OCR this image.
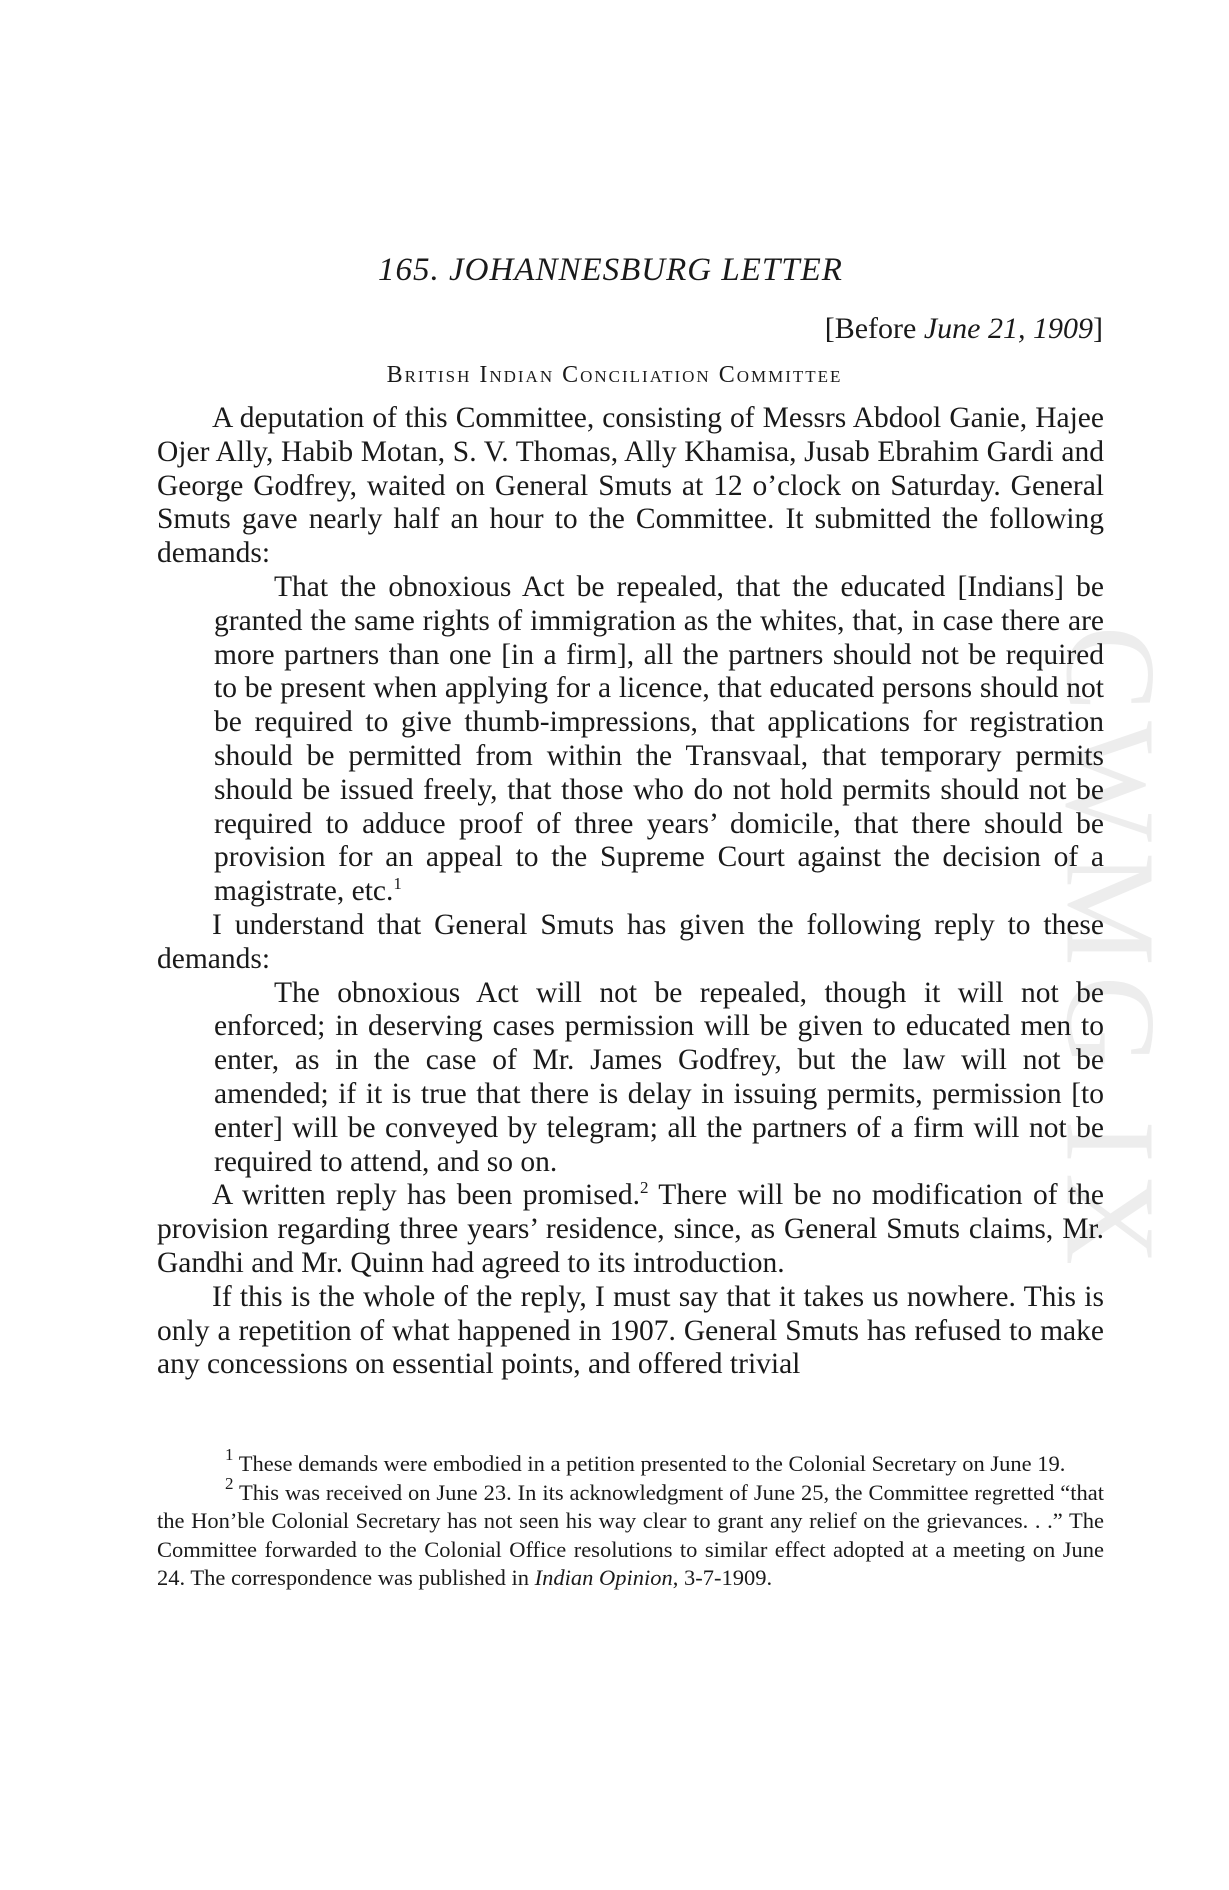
CWMG IX
165. JOHANNESBURG LETTER
[Before June 21, 1909]
British Indian Conciliation Committee

A deputation of this Committee, consisting of Messrs Abdool Ganie, Hajee Ojer Ally, Habib Motan, S. V. Thomas, Ally Khamisa, Jusab Ebrahim Gardi and George Godfrey, waited on General Smuts at 12 o’clock on Saturday. General Smuts gave nearly half an hour to the Committee. It submitted the following demands:

That the obnoxious Act be repealed, that the educated [Indians] be granted the same rights of immigration as the whites, that, in case there are more partners than one [in a firm], all the partners should not be required to be present when applying for a licence, that educated persons should not be required to give thumb-impressions, that applications for registration should be permitted from within the Transvaal, that temporary permits should be issued freely, that those who do not hold permits should not be required to adduce proof of three years’ domicile, that there should be provision for an appeal to the Supreme Court against the decision of a magistrate, etc.$^1$

I understand that General Smuts has given the following reply to these demands:

The obnoxious Act will not be repealed, though it will not be enforced; in deserving cases permission will be given to educated men to enter, as in the case of Mr. James Godfrey, but the law will not be amended; if it is true that there is delay in issuing permits, permission [to enter] will be conveyed by telegram; all the partners of a firm will not be required to attend, and so on.

A written reply has been promised.$^2$ There will be no modification of the provision regarding three years’ residence, since, as General Smuts claims, Mr. Gandhi and Mr. Quinn had agreed to its introduction.

If this is the whole of the reply, I must say that it takes us nowhere. This is only a repetition of what happened in 1907. General Smuts has refused to make any concessions on essential points, and offered trivial

$^1$ These demands were embodied in a petition presented to the Colonial Secretary on June 19.

$^2$ This was received on June 23. In its acknowledgment of June 25, the Committee regretted “that the Hon’ble Colonial Secretary has not seen his way clear to grant any relief on the grievances. . .” The Committee forwarded to the Colonial Office resolutions to similar effect adopted at a meeting on June 24. The correspondence was published in Indian Opinion, 3-7-1909.
